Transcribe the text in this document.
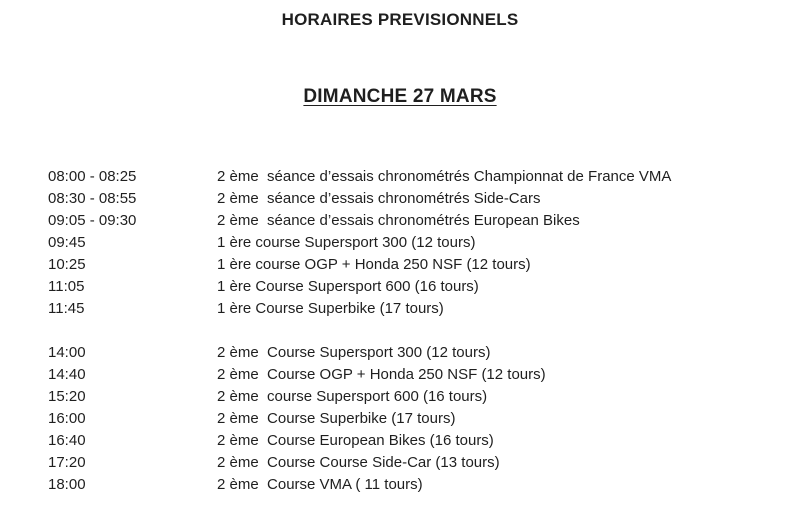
HORAIRES PREVISIONNELS
DIMANCHE 27 MARS
08:00 - 08:25	2 ème  séance d’essais chronométrés Championnat de France VMA
08:30 - 08:55	2 ème  séance d’essais chronométrés Side-Cars
09:05 - 09:30	2 ème  séance d’essais chronométrés European Bikes
09:45	1 ère course Supersport 300 (12 tours)
10:25	1 ère course OGP + Honda 250 NSF (12 tours)
11:05	1 ère Course Supersport 600 (16 tours)
11:45	1 ère Course Superbike (17 tours)
14:00	2 ème  Course Supersport 300 (12 tours)
14:40	2 ème  Course OGP + Honda 250 NSF (12 tours)
15:20	2 ème  course Supersport 600 (16 tours)
16:00	2 ème  Course Superbike (17 tours)
16:40	2 ème  Course European Bikes (16 tours)
17:20	2 ème  Course Course Side-Car (13 tours)
18:00	2 ème  Course VMA ( 11 tours)
